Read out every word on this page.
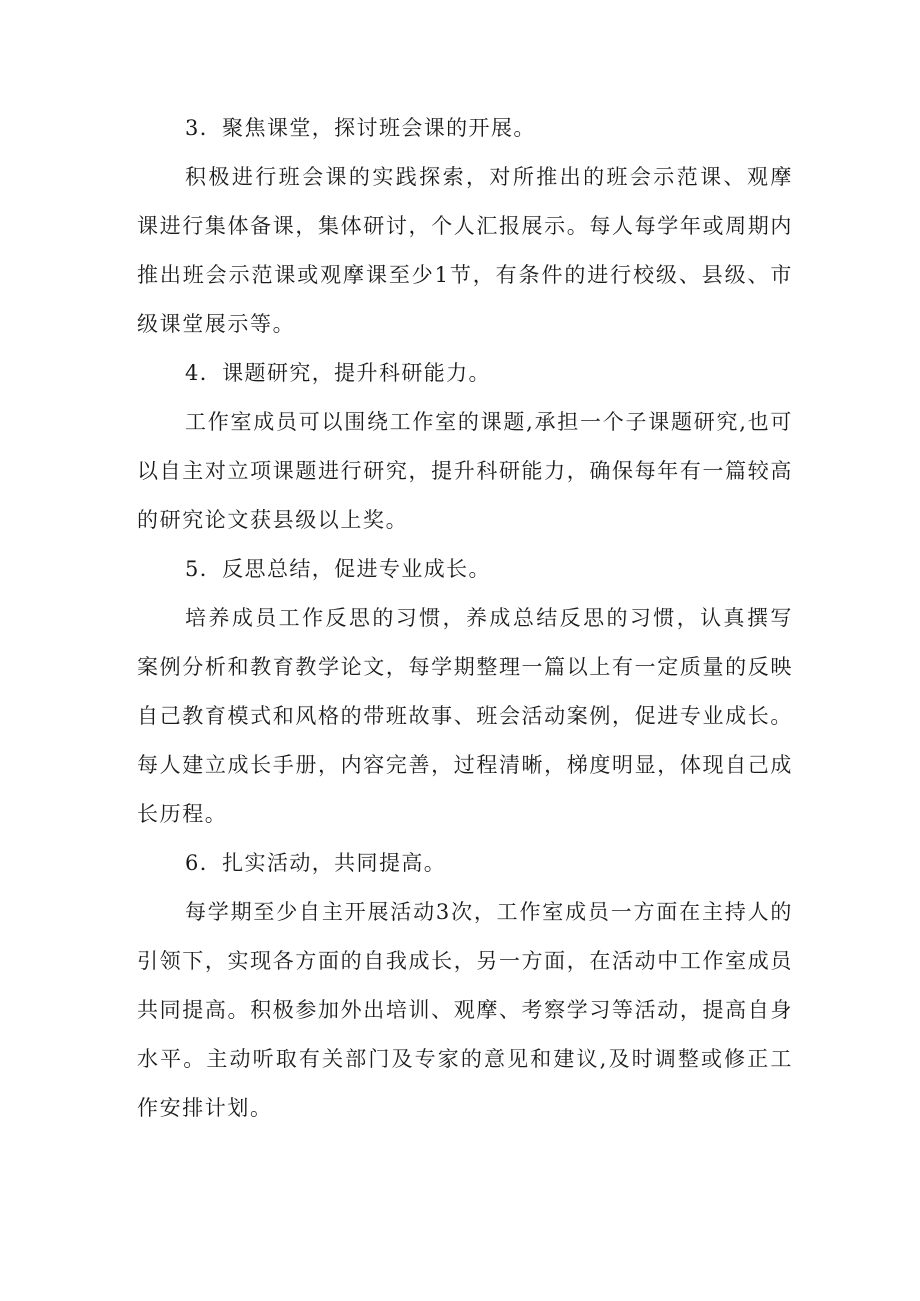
3．聚焦课堂，探讨班会课的开展。

积极进行班会课的实践探索，对所推出的班会示范课、观摩课进行集体备课，集体研讨，个人汇报展示。每人每学年或周期内推出班会示范课或观摩课至少1节，有条件的进行校级、县级、市级课堂展示等。

4．课题研究，提升科研能力。

工作室成员可以围绕工作室的课题,承担一个子课题研究,也可以自主对立项课题进行研究，提升科研能力，确保每年有一篇较高的研究论文获县级以上奖。

5．反思总结，促进专业成长。

培养成员工作反思的习惯，养成总结反思的习惯，认真撰写案例分析和教育教学论文，每学期整理一篇以上有一定质量的反映自己教育模式和风格的带班故事、班会活动案例，促进专业成长。每人建立成长手册，内容完善，过程清晰，梯度明显，体现自己成长历程。

6．扎实活动，共同提高。

每学期至少自主开展活动3次，工作室成员一方面在主持人的引领下，实现各方面的自我成长，另一方面，在活动中工作室成员共同提高。积极参加外出培训、观摩、考察学习等活动，提高自身水平。主动听取有关部门及专家的意见和建议,及时调整或修正工作安排计划。
